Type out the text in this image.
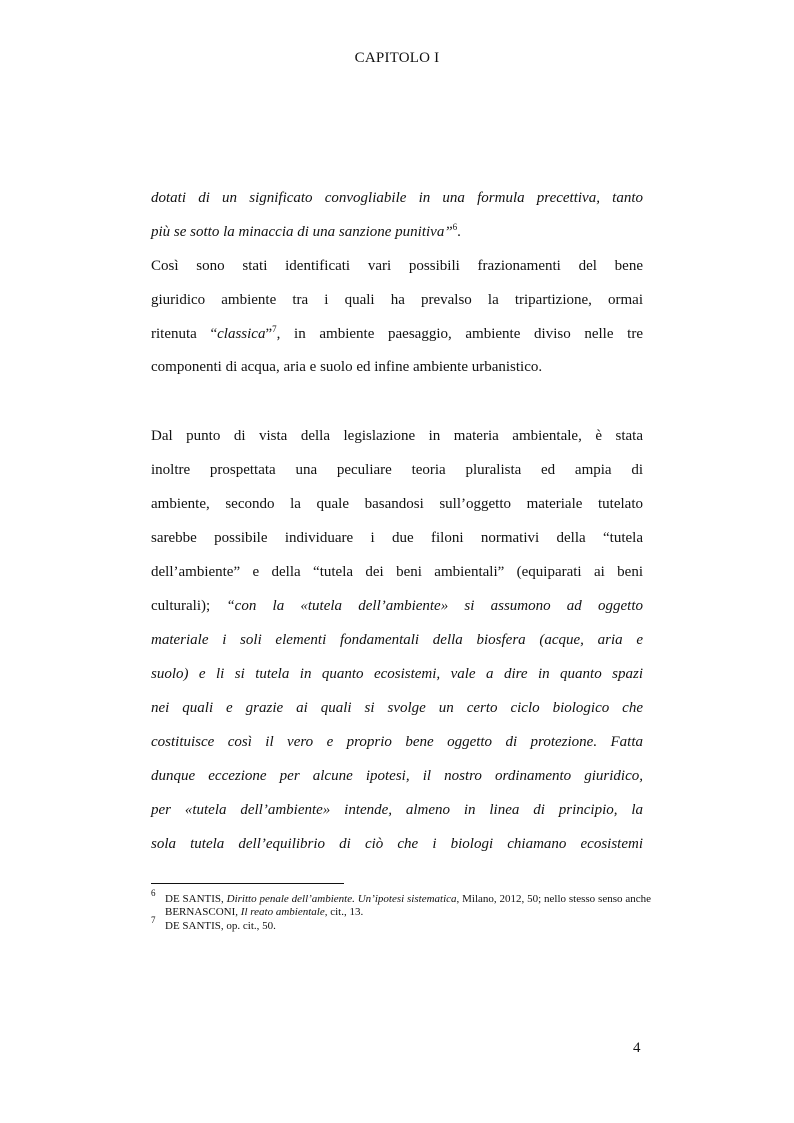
CAPITOLO I
dotati di un significato convogliabile in una formula precettiva, tanto
più se sotto la minaccia di una sanzione punitiva”$^6$.
Così sono stati identificati vari possibili frazionamenti del bene
giuridico ambiente tra i quali ha prevalso la tripartizione, ormai
ritenuta “classica”$^7$, in ambiente paesaggio, ambiente diviso nelle tre
componenti di acqua, aria e suolo ed infine ambiente urbanistico.
Dal punto di vista della legislazione in materia ambientale, è stata
inoltre prospettata una peculiare teoria pluralista ed ampia di
ambiente, secondo la quale basandosi sull’oggetto materiale tutelato
sarebbe possibile individuare i due filoni normativi della “tutela
dell’ambiente” e della “tutela dei beni ambientali” (equiparati ai beni
culturali); “con la «tutela dell’ambiente» si assumono ad oggetto
materiale i soli elementi fondamentali della biosfera (acque, aria e
suolo) e li si tutela in quanto ecosistemi, vale a dire in quanto spazi
nei quali e grazie ai quali si svolge un certo ciclo biologico che
costituisce così il vero e proprio bene oggetto di protezione. Fatta
dunque eccezione per alcune ipotesi, il nostro ordinamento giuridico,
per «tutela dell’ambiente» intende, almeno in linea di principio, la
sola tutela dell’equilibrio di ciò che i biologi chiamano ecosistemi
6 DE SANTIS, Diritto penale dell’ambiente. Un’ipotesi sistematica, Milano, 2012, 50; nello stesso senso anche BERNASCONI, Il reato ambientale, cit., 13.
7 DE SANTIS, op. cit., 50.
4
